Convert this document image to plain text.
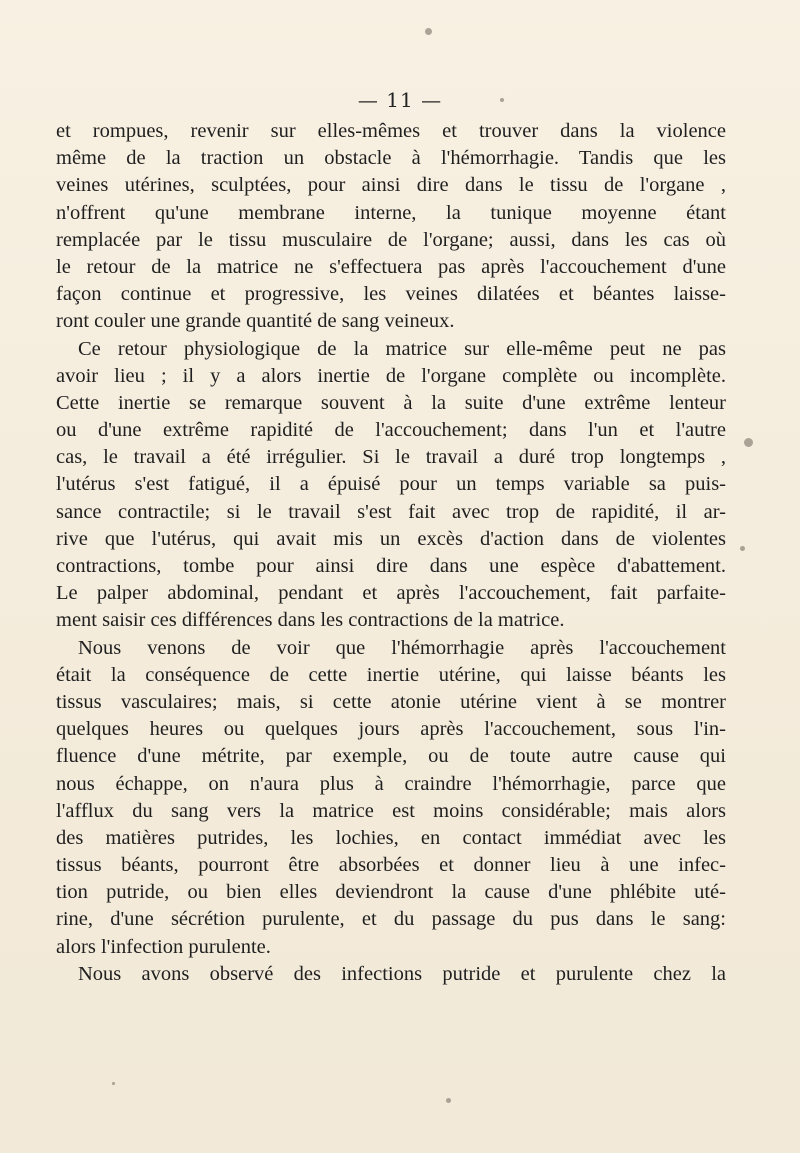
— 11 —
et rompues, revenir sur elles-mêmes et trouver dans la violence
même de la traction un obstacle à l'hémorrhagie. Tandis que les
veines utérines, sculptées, pour ainsi dire dans le tissu de l'organe ,
n'offrent qu'une membrane interne, la tunique moyenne étant
remplacée par le tissu musculaire de l'organe; aussi, dans les cas où
le retour de la matrice ne s'effectuera pas après l'accouchement d'une
façon continue et progressive, les veines dilatées et béantes laisse-
ront couler une grande quantité de sang veineux.
Ce retour physiologique de la matrice sur elle-même peut ne pas
avoir lieu ; il y a alors inertie de l'organe complète ou incomplète.
Cette inertie se remarque souvent à la suite d'une extrême lenteur
ou d'une extrême rapidité de l'accouchement; dans l'un et l'autre
cas, le travail a été irrégulier. Si le travail a duré trop longtemps ,
l'utérus s'est fatigué, il a épuisé pour un temps variable sa puis-
sance contractile; si le travail s'est fait avec trop de rapidité, il ar-
rive que l'utérus, qui avait mis un excès d'action dans de violentes
contractions, tombe pour ainsi dire dans une espèce d'abattement.
Le palper abdominal, pendant et après l'accouchement, fait parfaite-
ment saisir ces différences dans les contractions de la matrice.
Nous venons de voir que l'hémorrhagie après l'accouchement
était la conséquence de cette inertie utérine, qui laisse béants les
tissus vasculaires; mais, si cette atonie utérine vient à se montrer
quelques heures ou quelques jours après l'accouchement, sous l'in-
fluence d'une métrite, par exemple, ou de toute autre cause qui
nous échappe, on n'aura plus à craindre l'hémorrhagie, parce que
l'afflux du sang vers la matrice est moins considérable; mais alors
des matières putrides, les lochies, en contact immédiat avec les
tissus béants, pourront être absorbées et donner lieu à une infec-
tion putride, ou bien elles deviendront la cause d'une phlébite uté-
rine, d'une sécrétion purulente, et du passage du pus dans le sang:
alors l'infection purulente.
Nous avons observé des infections putride et purulente chez la
